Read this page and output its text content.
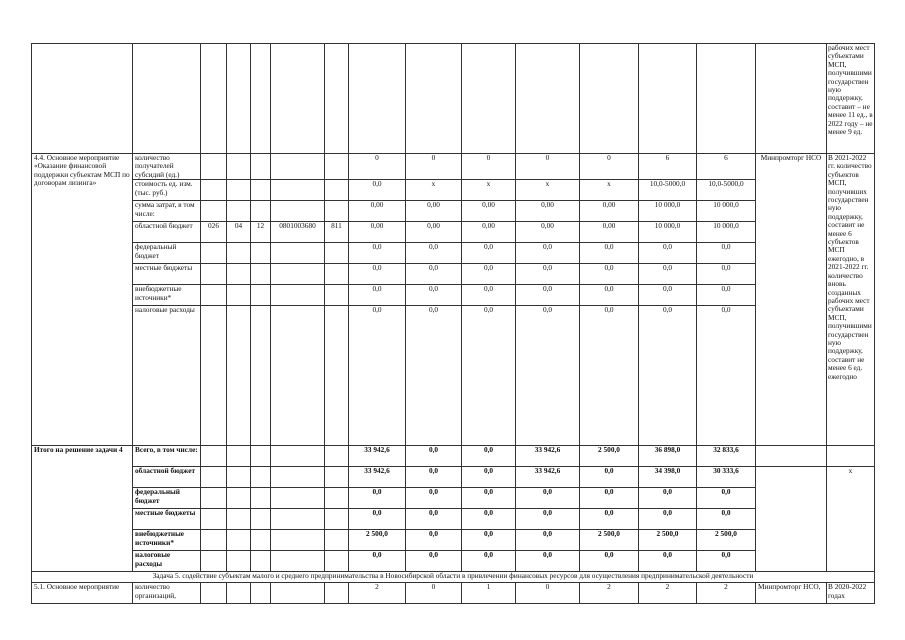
															рабочих мест субъектами МСП, получившими государствен ную поддержку, составит – не менее 11 ед., в 2022 году – не менее 9 ед.
4.4. Основное мероприятие «Оказание финансовой поддержки субъектам МСП по договорам лизинга»	количество получателей субсидий (ед.)						0	0	0	0	0	6	6	Минпромторг НСО	В 2021-2022 гг. количество субъектов МСП, получивших государствен ную поддержку, составит не менее 6 субъектов МСП ежегодно, в 2021-2022 гг. количество вновь созданных рабочих мест субъектами МСП, получившими государствен ную поддержку, составит не менее 6 ед. ежегодно
	стоимость ед. изм. (тыс. руб.)						0,0	x	x	x	x	10,0-5000,0	10,0-5000,0		
	сумма затрат, в том числе:						0,00	0,00	0,00	0,00	0,00	10 000,0	10 000,0		
	областной бюджет	026	04	12	0801003680	811	0,00	0,00	0,00	0,00	0,00	10 000,0	10 000,0		
	федеральный бюджет						0,0	0,0	0,0	0,0	0,0	0,0	0,0		
	местные бюджеты						0,0	0,0	0,0	0,0	0,0	0,0	0,0		
	внебюджетные источники*						0,0	0,0	0,0	0,0	0,0	0,0	0,0		
	налоговые расходы						0,0	0,0	0,0	0,0	0,0	0,0	0,0		
Итого на решение задачи 4	Всего, в том числе:						33 942,6	0,0	0,0	33 942,6	2 500,0	36 898,0	32 833,6		
	областной бюджет						33 942,6	0,0	0,0	33 942,6	0,0	34 398,0	30 333,6		x
	федеральный бюджет						0,0	0,0	0,0	0,0	0,0	0,0	0,0		
	местные бюджеты						0,0	0,0	0,0	0,0	0,0	0,0	0,0		
	внебюджетные источники*						2 500,0	0,0	0,0	0,0	2 500,0	2 500,0	2 500,0		
	налоговые расходы						0,0	0,0	0,0	0,0	0,0	0,0	0,0		
Задача 5. содействие субъектам малого и среднего предпринимательства в Новосибирской области в привлечении финансовых ресурсов для осуществления предпринимательской деятельности															
5.1. Основное мероприятие	количество организаций,						2	0	1	0	2	2	2	Минпромторг НСО,	В 2020-2022 годах
